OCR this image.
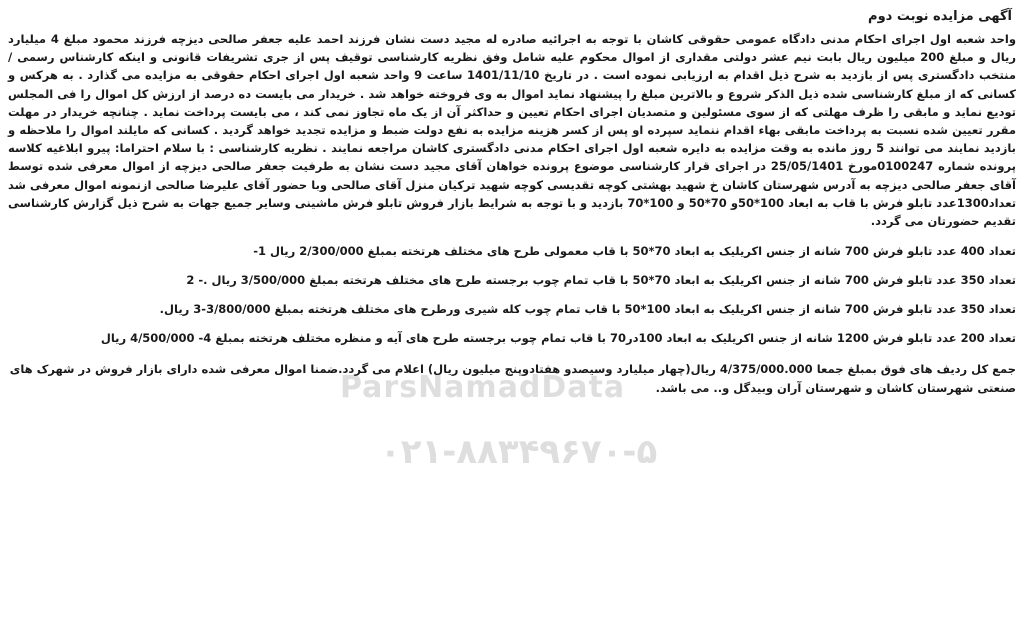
آگهی مزایده نوبت دوم

واحد شعبه اول اجرای احکام مدنی دادگاه عمومی حقوقی کاشان با توجه به اجرائیه صادره له مجید دست نشان فرزند احمد علیه جعفر صالحی دیزچه فرزند محمود مبلغ 4 میلیارد ریال و مبلغ 200 میلیون ریال بابت نیم عشر دولتی مقداری از اموال محکوم علیه شامل وفق نظریه کارشناسی توقیف پس از جری تشریفات قانونی و اینکه کارشناس رسمی / منتخب دادگستری پس از بازدید به شرح ذیل اقدام به ارزیابی نموده است . در تاریخ 1401/11/10 ساعت 9 واحد شعبه اول اجرای احکام حقوقی به مزایده می گذارد . به هرکس و کسانی که از مبلغ کارشناسی شده ذیل الذکر شروع و بالاترین مبلغ را پیشنهاد نماید اموال به وی فروخته خواهد شد . خریدار می بایست ده درصد از ارزش کل اموال را فی المجلس تودیع نماید و مابقی را ظرف مهلتی که از سوی مسئولین و متصدیان اجرای احکام تعیین و حداکثر آن از یک ماه تجاوز نمی کند ، می بایست پرداخت نماید . چنانچه خریدار در مهلت مقرر تعیین شده نسبت به پرداخت مابقی بهاء اقدام ننماید سپرده او پس از کسر هزینه مزایده به نفع دولت ضبط و مزایده تجدید خواهد گردید . کسانی که مایلند اموال را ملاحظه و بازدید نمایند می توانند 5 روز مانده به وقت مزایده به دایره شعبه اول اجرای احکام مدنی دادگستری کاشان مراجعه نمایند . نظریه کارشناسی : با سلام احتراما: پیرو ابلاغیه کلاسه پرونده شماره 0100247مورخ 25/05/1401 در اجرای قرار کارشناسی موضوع پرونده خواهان آقای مجید دست نشان به طرفیت جعفر صالحی دیزچه از اموال معرفی شده توسط آقای جعفر صالحی دیزچه به آدرس شهرستان کاشان خ شهید بهشتی کوچه تقدیسی کوچه شهید ترکیان منزل آقای صالحی وبا حضور آقای علیرضا صالحی ازنمونه اموال معرفی شد تعداد1300عدد تابلو فرش با قاب به ابعاد 100*50و 70*50 و 100*70 بازدید و با توجه به شرایط بازار فروش تابلو فرش ماشینی وسایر جمیع جهات به شرح ذیل گزارش کارشناسی تقدیم حضورتان می گردد.

تعداد 400 عدد تابلو فرش 700 شانه از جنس اکریلیک به ابعاد 70*50 با قاب معمولی طرح های مختلف هرتخته بمبلغ 2/300/000 ریال 1-

تعداد 350 عدد تابلو فرش 700 شانه از جنس اکریلیک به ابعاد 70*50 با قاب تمام چوب برجسته طرح های مختلف هرتخته بمبلغ 3/500/000 ریال .- 2

تعداد 350 عدد تابلو فرش 700 شانه از جنس اکریلیک به ابعاد 100*50 با قاب تمام چوب کله شیری ورطرح های مختلف هرتخته بمبلغ 3/800/000-3 ریال.

تعداد 200 عدد تابلو فرش 1200 شانه از جنس اکریلیک به ابعاد 100در70 با قاب تمام چوب برجسته طرح های آیه و منظره مختلف هرتخته بمبلغ 4- 4/500/000 ریال

جمع کل ردیف های فوق بمبلغ جمعا 4/375/000.000 ریال(چهار میلیارد وسیصدو هفتادوپنج میلیون ریال) اعلام می گردد.ضمنا اموال معرفی شده دارای بازار فروش در شهرک های صنعتی شهرستان کاشان و شهرستان آران وبیدگل و.. می باشد.

ParsNamadData
۰۲۱-۸۸۳۴۹۶۷۰-۵
